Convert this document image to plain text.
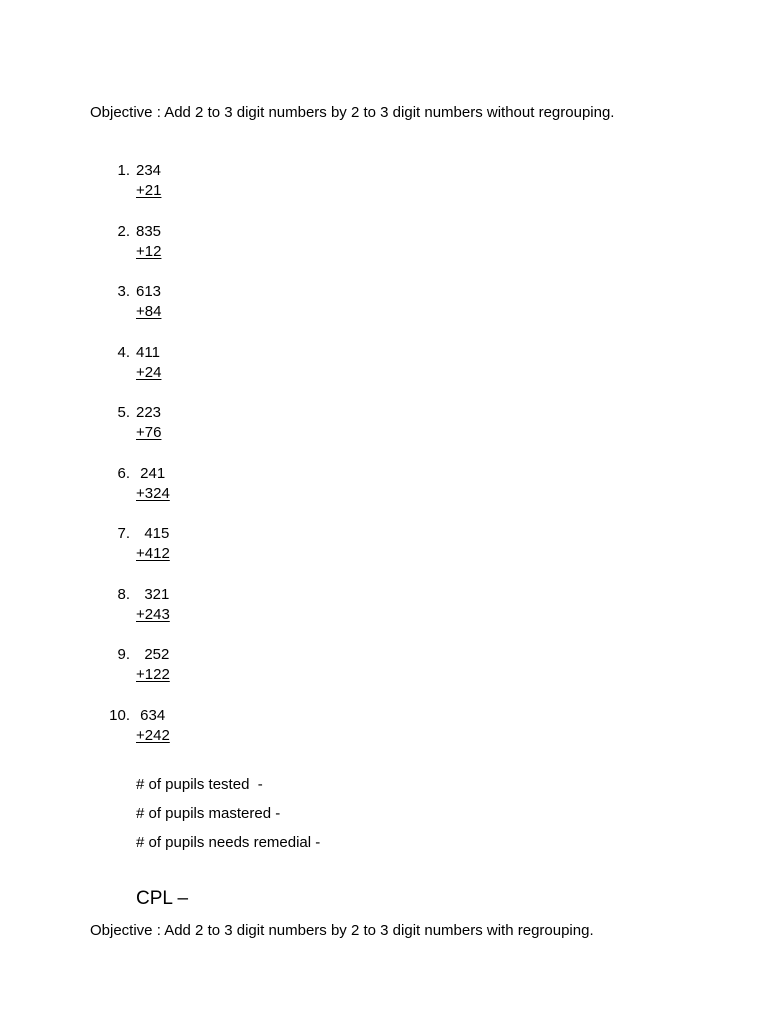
Objective : Add 2 to 3 digit numbers by 2 to 3 digit numbers without regrouping.
1. 234
+21
2. 835
+12
3. 613
+84
4. 411
+24
5. 223
+76
6. 241
+324
7. 415
+412
8. 321
+243
9. 252
+122
10. 634
+242
# of pupils tested  -
# of pupils mastered -
# of pupils needs remedial -
CPL –
Objective : Add 2 to 3 digit numbers by 2 to 3 digit numbers with regrouping.
